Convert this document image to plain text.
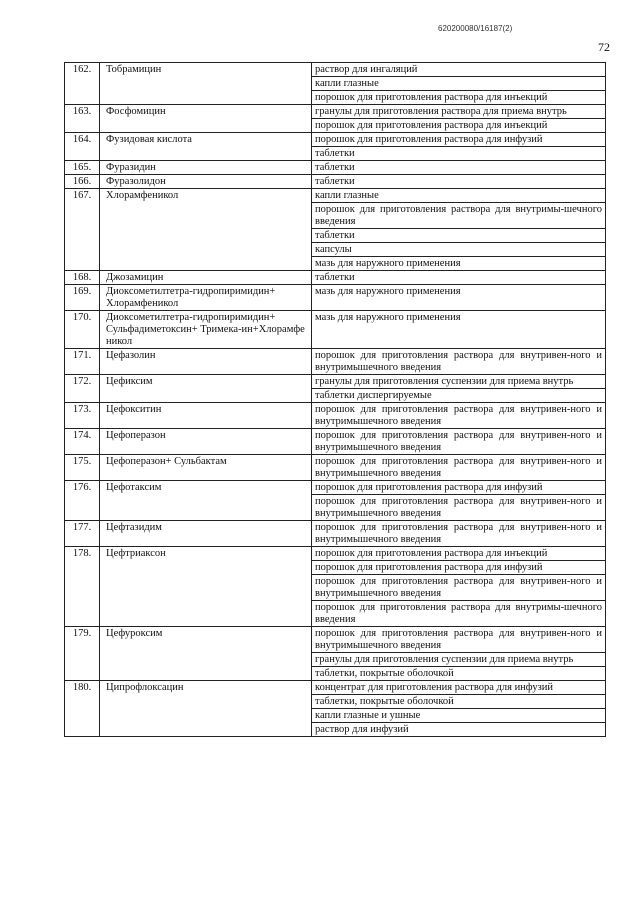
620200080/16187(2)
72
162.	Тобрамицин	раствор для ингаляций
		капли глазные
		порошок для приготовления раствора для инъекций
163.	Фосфомицин	гранулы для приготовления раствора для приема внутрь
		порошок для приготовления раствора для инъекций
164.	Фузидовая кислота	порошок для приготовления раствора для инфузий
		таблетки
165.	Фуразидин	таблетки
166.	Фуразолидон	таблетки
167.	Хлорамфеникол	капли глазные
		порошок для приготовления раствора для внутримы-шечного введения
		таблетки
		капсулы
		мазь для наружного применения
168.	Джозамицин	таблетки
169.	Диоксометилтетра-гидропиримидин+ Хлорамфеникол	мазь для наружного применения
170.	Диоксометилтетра-гидропиримидин+ Сульфадиметоксин+ Тримека-ин+Хлорамфе никол	мазь для наружного применения
171.	Цефазолин	порошок для приготовления раствора для внутривен-ного и внутримышечного введения
172.	Цефиксим	гранулы для приготовления суспензии для приема внутрь
		таблетки диспергируемые
173.	Цефокситин	порошок для приготовления раствора для внутривен-ного и внутримышечного введения
174.	Цефоперазон	порошок для приготовления раствора для внутривен-ного и внутримышечного введения
175.	Цефоперазон+ Сульбактам	порошок для приготовления раствора для внутривен-ного и внутримышечного введения
176.	Цефотаксим	порошок для приготовления раствора для инфузий
		порошок для приготовления раствора для внутривен-ного и внутримышечного введения
177.	Цефтазидим	порошок для приготовления раствора для внутривен-ного и внутримышечного введения
178.	Цефтриаксон	порошок для приготовления раствора для инъекций
		порошок для приготовления раствора для инфузий
		порошок для приготовления раствора для внутривен-ного и внутримышечного введения
		порошок для приготовления раствора для внутримы-шечного введения
179.	Цефуроксим	порошок для приготовления раствора для внутривен-ного и внутримышечного введения
		гранулы для приготовления суспензии для приема внутрь
		таблетки, покрытые оболочкой
180.	Ципрофлоксацин	концентрат для приготовления раствора для инфузий
		таблетки, покрытые оболочкой
		капли глазные и ушные
		раствор для инфузий
